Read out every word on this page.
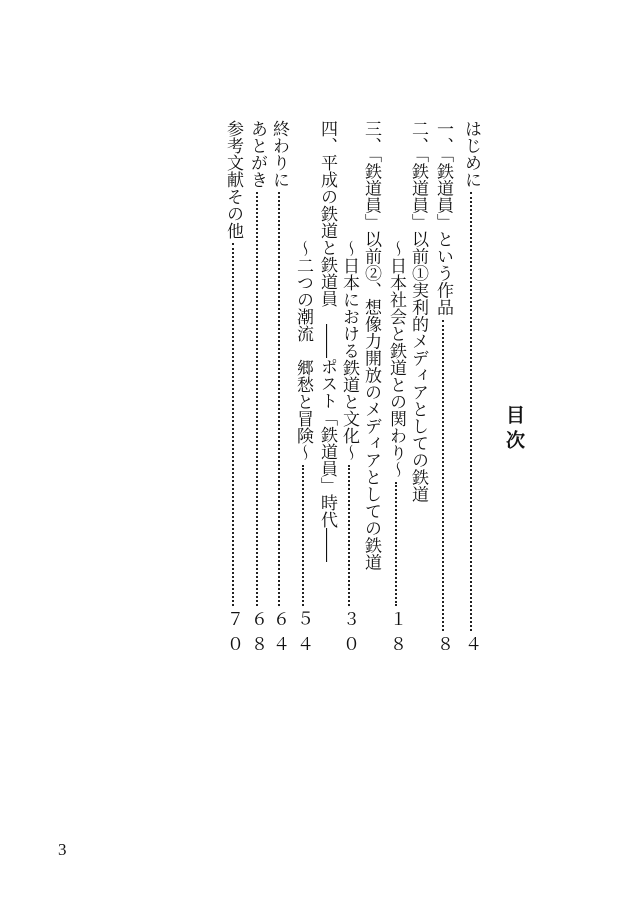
目次
はじめに
４
一、「鉄道員」という作品
８
二、「鉄道員」以前①実利的メディアとしての鉄道
～日本社会と鉄道との関わり～
１８
三、「鉄道員」以前②、想像力開放のメディアとしての鉄道
～日本における鉄道と文化～
３０
四、平成の鉄道と鉄道員　――ポスト「鉄道員」時代――
～二つの潮流　郷愁と冒険～
５４
終わりに
６４
あとがき
６８
参考文献その他
７０
3
